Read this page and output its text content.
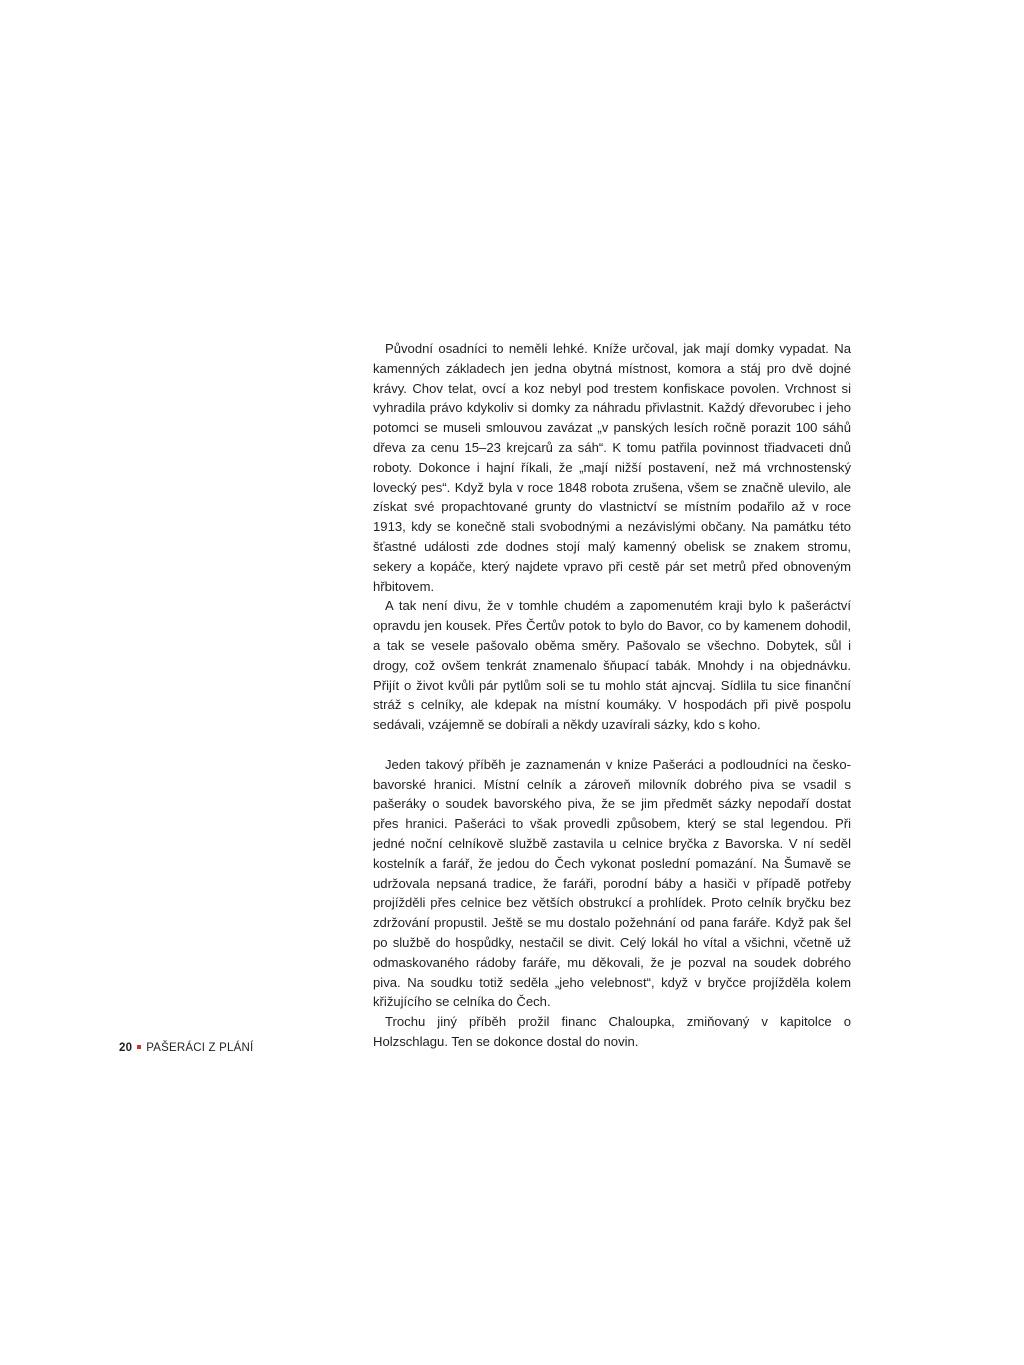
Původní osadníci to neměli lehké. Kníže určoval, jak mají domky vypadat. Na kamenných základech jen jedna obytná místnost, komora a stáj pro dvě dojné krávy. Chov telat, ovcí a koz nebyl pod trestem konfiskace povolen. Vrchnost si vyhradila právo kdykoliv si domky za náhradu přivlastnit. Každý dřevorubec i jeho potomci se museli smlouvou zavázat „v panských lesích ročně porazit 100 sáhů dřeva za cenu 15–23 krejcarů za sáh“. K tomu patřila povinnost třiadvaceti dnů roboty. Dokonce i hajní říkali, že „mají nižší postavení, než má vrchnostenský lovecký pes“. Když byla v roce 1848 robota zrušena, všem se značně ulevilo, ale získat své propachtované grunty do vlastnictví se místním podařilo až v roce 1913, kdy se konečně stali svobodnými a nezávislými občany. Na památku této šťastné události zde dodnes stojí malý kamenný obelisk se znakem stromu, sekery a kopáče, který najdete vpravo při cestě pár set metrů před obnoveným hřbitovem.

A tak není divu, že v tomhle chudém a zapomenutém kraji bylo k pašeráctví opravdu jen kousek. Přes Čertův potok to bylo do Bavor, co by kamenem dohodil, a tak se vesele pašovalo oběma směry. Pašovalo se všechno. Dobytek, sůl i drogy, což ovšem tenkrát znamenalo šňupací tabák. Mnohdy i na objednávku. Přijít o život kvůli pár pytlům soli se tu mohlo stát ajncvaj. Sídlila tu sice finanční stráž s celníky, ale kdepak na místní koumáky. V hospodách při pivě pospolu sedávali, vzájemně se dobírali a někdy uzavírali sázky, kdo s koho.

Jeden takový příběh je zaznamenán v knize Pašeráci a podloudníci na česko-bavorské hranici. Místní celník a zároveň milovník dobrého piva se vsadil s pašeráky o soudek bavorského piva, že se jim předmět sázky nepodaří dostat přes hranici. Pašeráci to však provedli způsobem, který se stal legendou. Při jedné noční celníkově službě zastavila u celnice bryčka z Bavorska. V ní seděl kostelník a farář, že jedou do Čech vykonat poslední pomazání. Na Šumavě se udržovala nepsaná tradice, že faráři, porodní báby a hasiči v případě potřeby projížděli přes celnice bez větších obstrukcí a prohlídek. Proto celník bryčku bez zdržování propustil. Ještě se mu dostalo požehnání od pana faráře. Když pak šel po službě do hospůdky, nestačil se divit. Celý lokál ho vítal a všichni, včetně už odmaskovaného rádoby faráře, mu děkovali, že je pozval na soudek dobrého piva. Na soudku totiž seděla „jeho velebnost“, když v bryčce projížděla kolem křižujícího se celníka do Čech.

Trochu jiný příběh prožil financ Chaloupka, zmiňovaný v kapitolce o Holzschlagu. Ten se dokonce dostal do novin.

20 PAŠERÁCI Z PLÁNÍ
